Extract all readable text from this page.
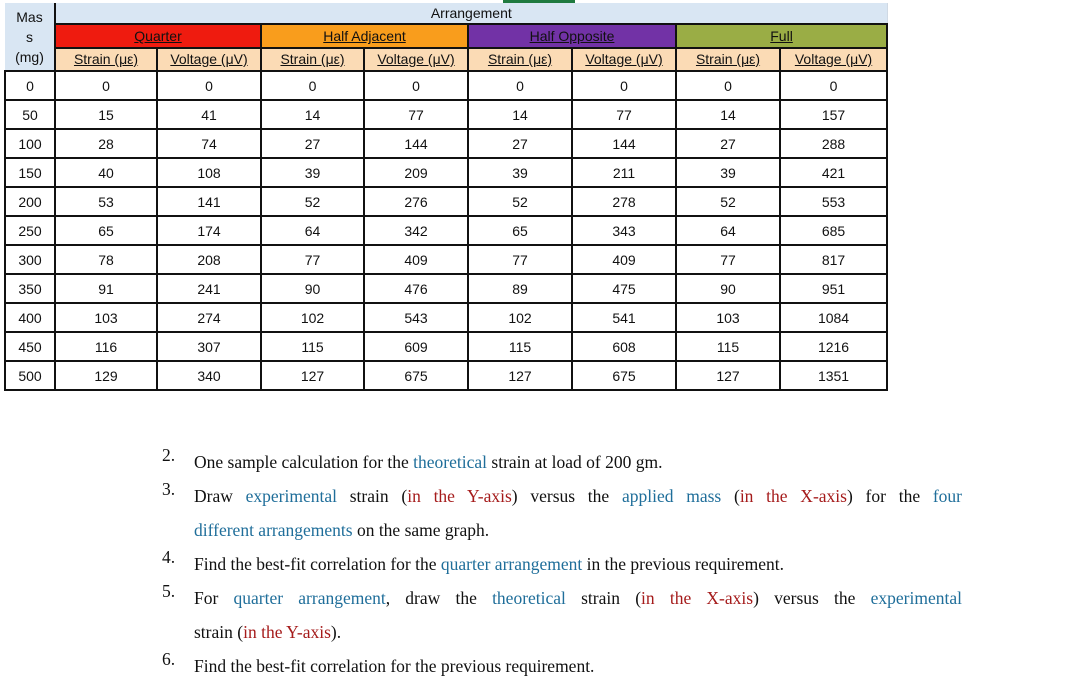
Mas
s
(mg)	Arrangement							
	Quarter		Half Adjacent		Half Opposite		Full	
	Strain (με)	Voltage (μV)	Strain (με)	Voltage (μV)	Strain (με)	Voltage (μV)	Strain (με)	Voltage (μV)
0	0	0	0	0	0	0	0	0
50	15	41	14	77	14	77	14	157
100	28	74	27	144	27	144	27	288
150	40	108	39	209	39	211	39	421
200	53	141	52	276	52	278	52	553
250	65	174	64	342	65	343	64	685
300	78	208	77	409	77	409	77	817
350	91	241	90	476	89	475	90	951
400	103	274	102	543	102	541	103	1084
450	116	307	115	609	115	608	115	1216
500	129	340	127	675	127	675	127	1351
2. One sample calculation for the theoretical strain at load of 200 gm.
3. Draw experimental strain (in the Y-axis) versus the applied mass (in the X-axis) for the four
different arrangements on the same graph.
4. Find the best-fit correlation for the quarter arrangement in the previous requirement.
5. For quarter arrangement, draw the theoretical strain (in the X-axis) versus the experimental
strain (in the Y-axis).
6. Find the best-fit correlation for the previous requirement.
